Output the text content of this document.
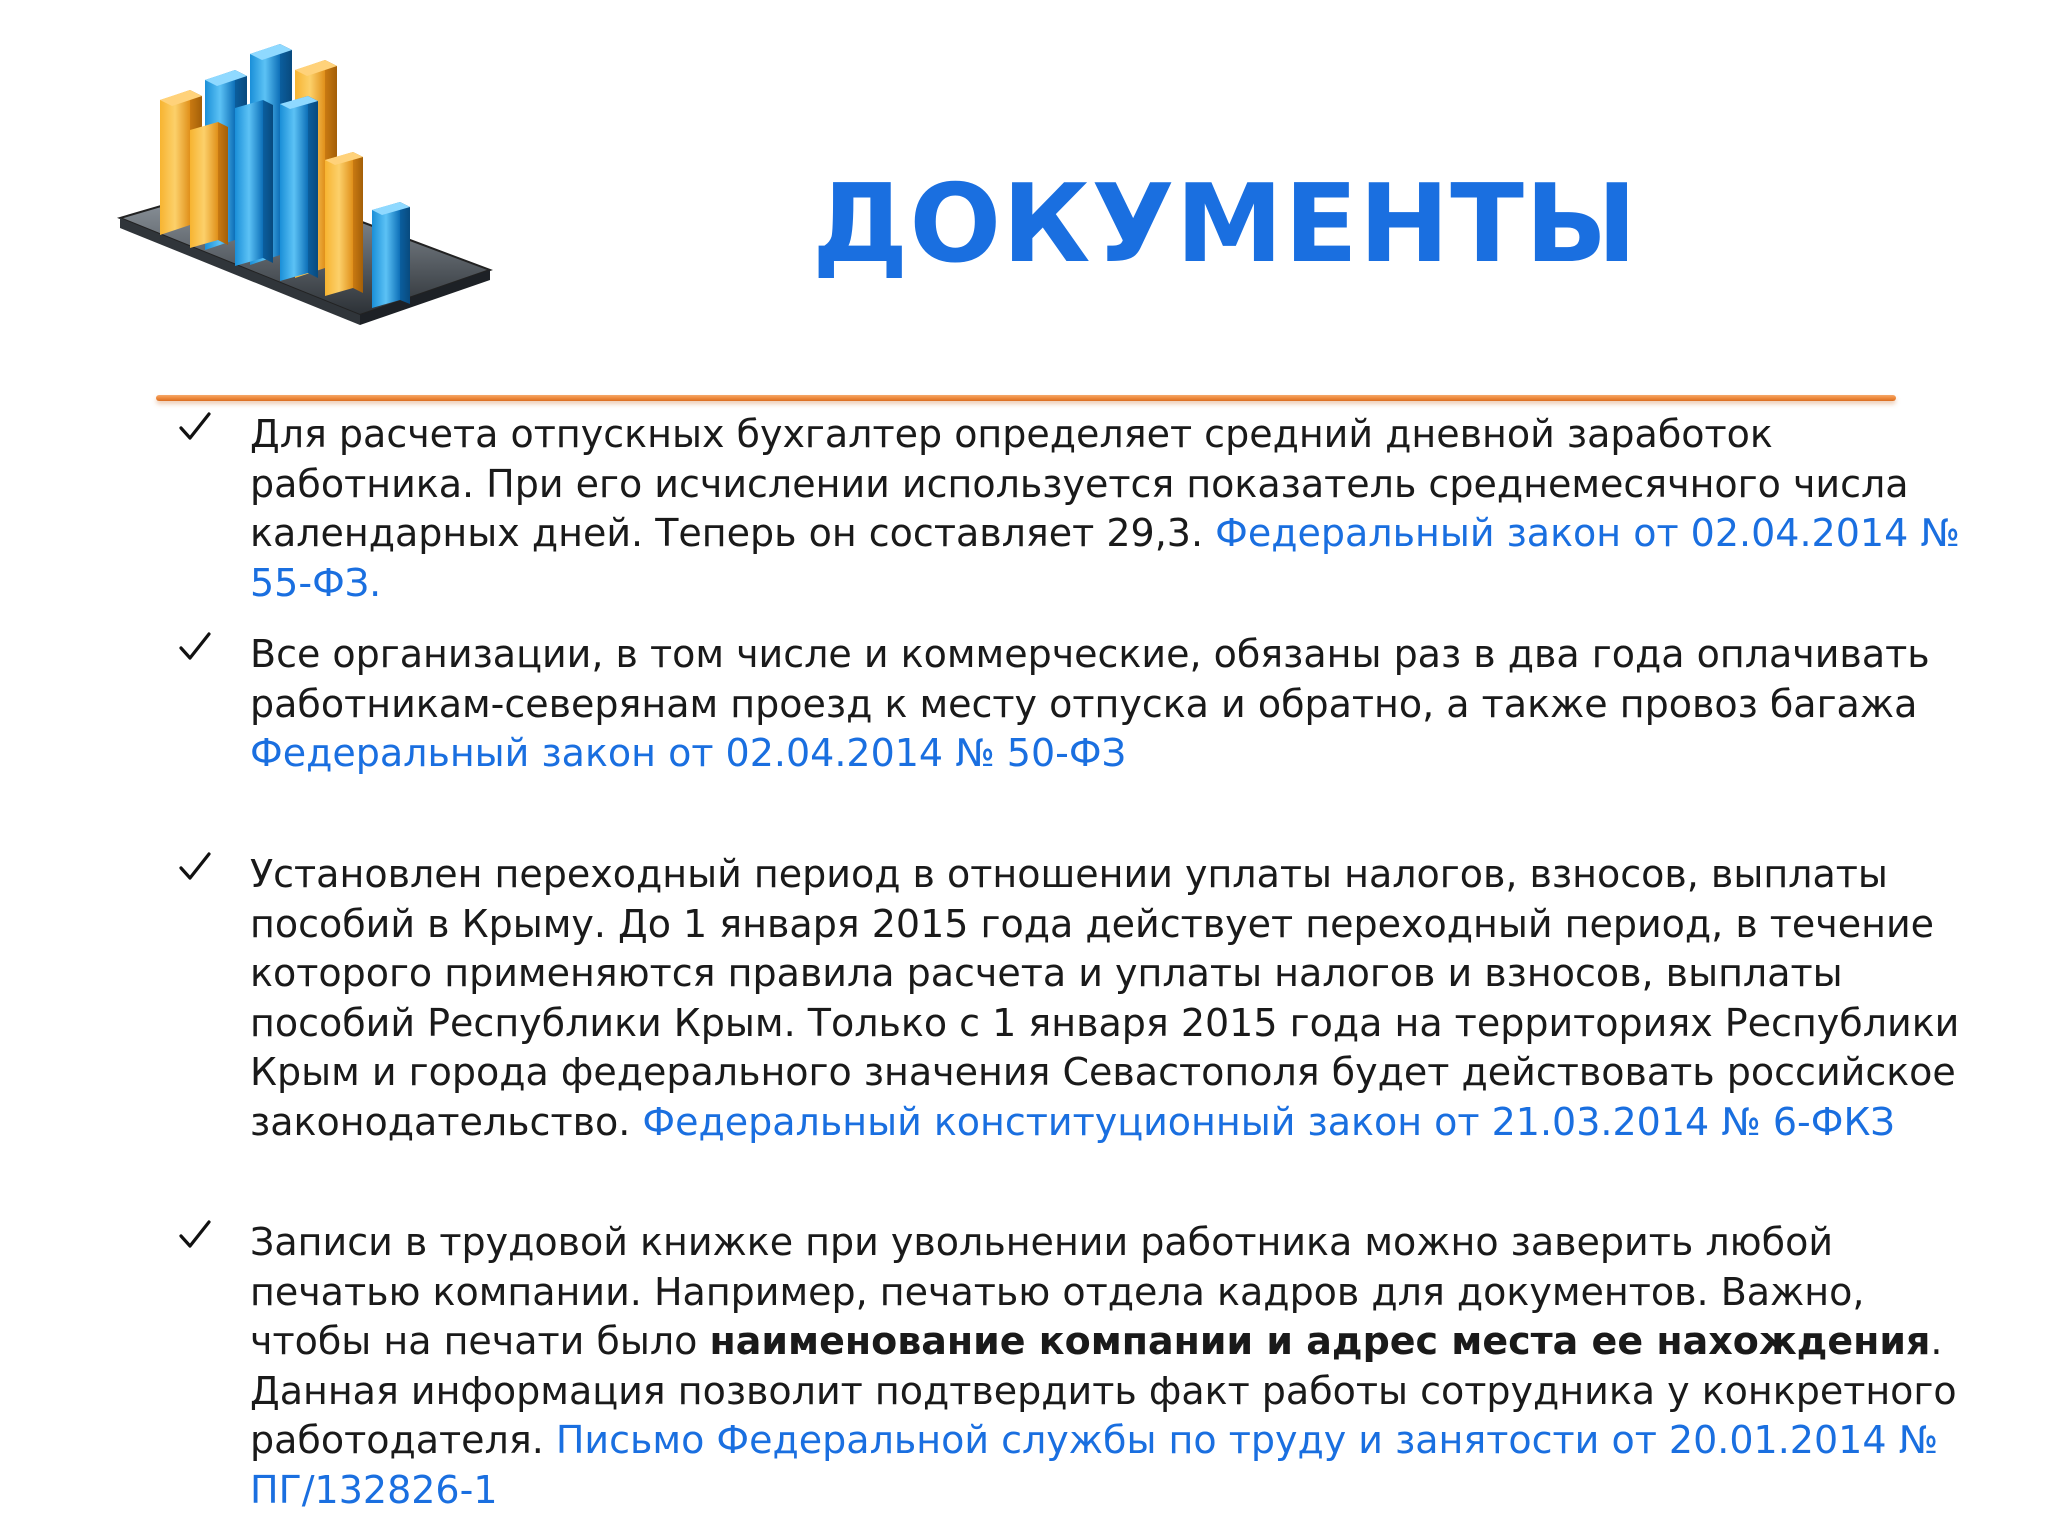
ДОКУМЕНТЫ

Для расчета отпускных бухгалтер определяет средний дневной заработок работника. При его исчислении используется показатель среднемесячного числа календарных дней. Теперь он составляет 29,3. Федеральный закон от 02.04.2014 № 55-ФЗ.

Все организации, в том числе и коммерческие, обязаны раз в два года оплачивать работникам-северянам проезд к месту отпуска и обратно, а также провоз багажа Федеральный закон от 02.04.2014 № 50-ФЗ

Установлен переходный период в отношении уплаты налогов, взносов, выплаты пособий в Крыму. До 1 января 2015 года действует переходный период, в течение которого применяются правила расчета и уплаты налогов и взносов, выплаты пособий Республики Крым. Только с 1 января 2015 года на территориях Республики Крым и города федерального значения Севастополя будет действовать российское законодательство. Федеральный конституционный закон от 21.03.2014 № 6-ФКЗ

Записи в трудовой книжке при увольнении работника можно заверить любой печатью компании. Например, печатью отдела кадров для документов. Важно, чтобы на печати было наименование компании и адрес места ее нахождения. Данная информация позволит подтвердить факт работы сотрудника у конкретного работодателя. Письмо Федеральной службы по труду и занятости от 20.01.2014 № ПГ/132826-1
